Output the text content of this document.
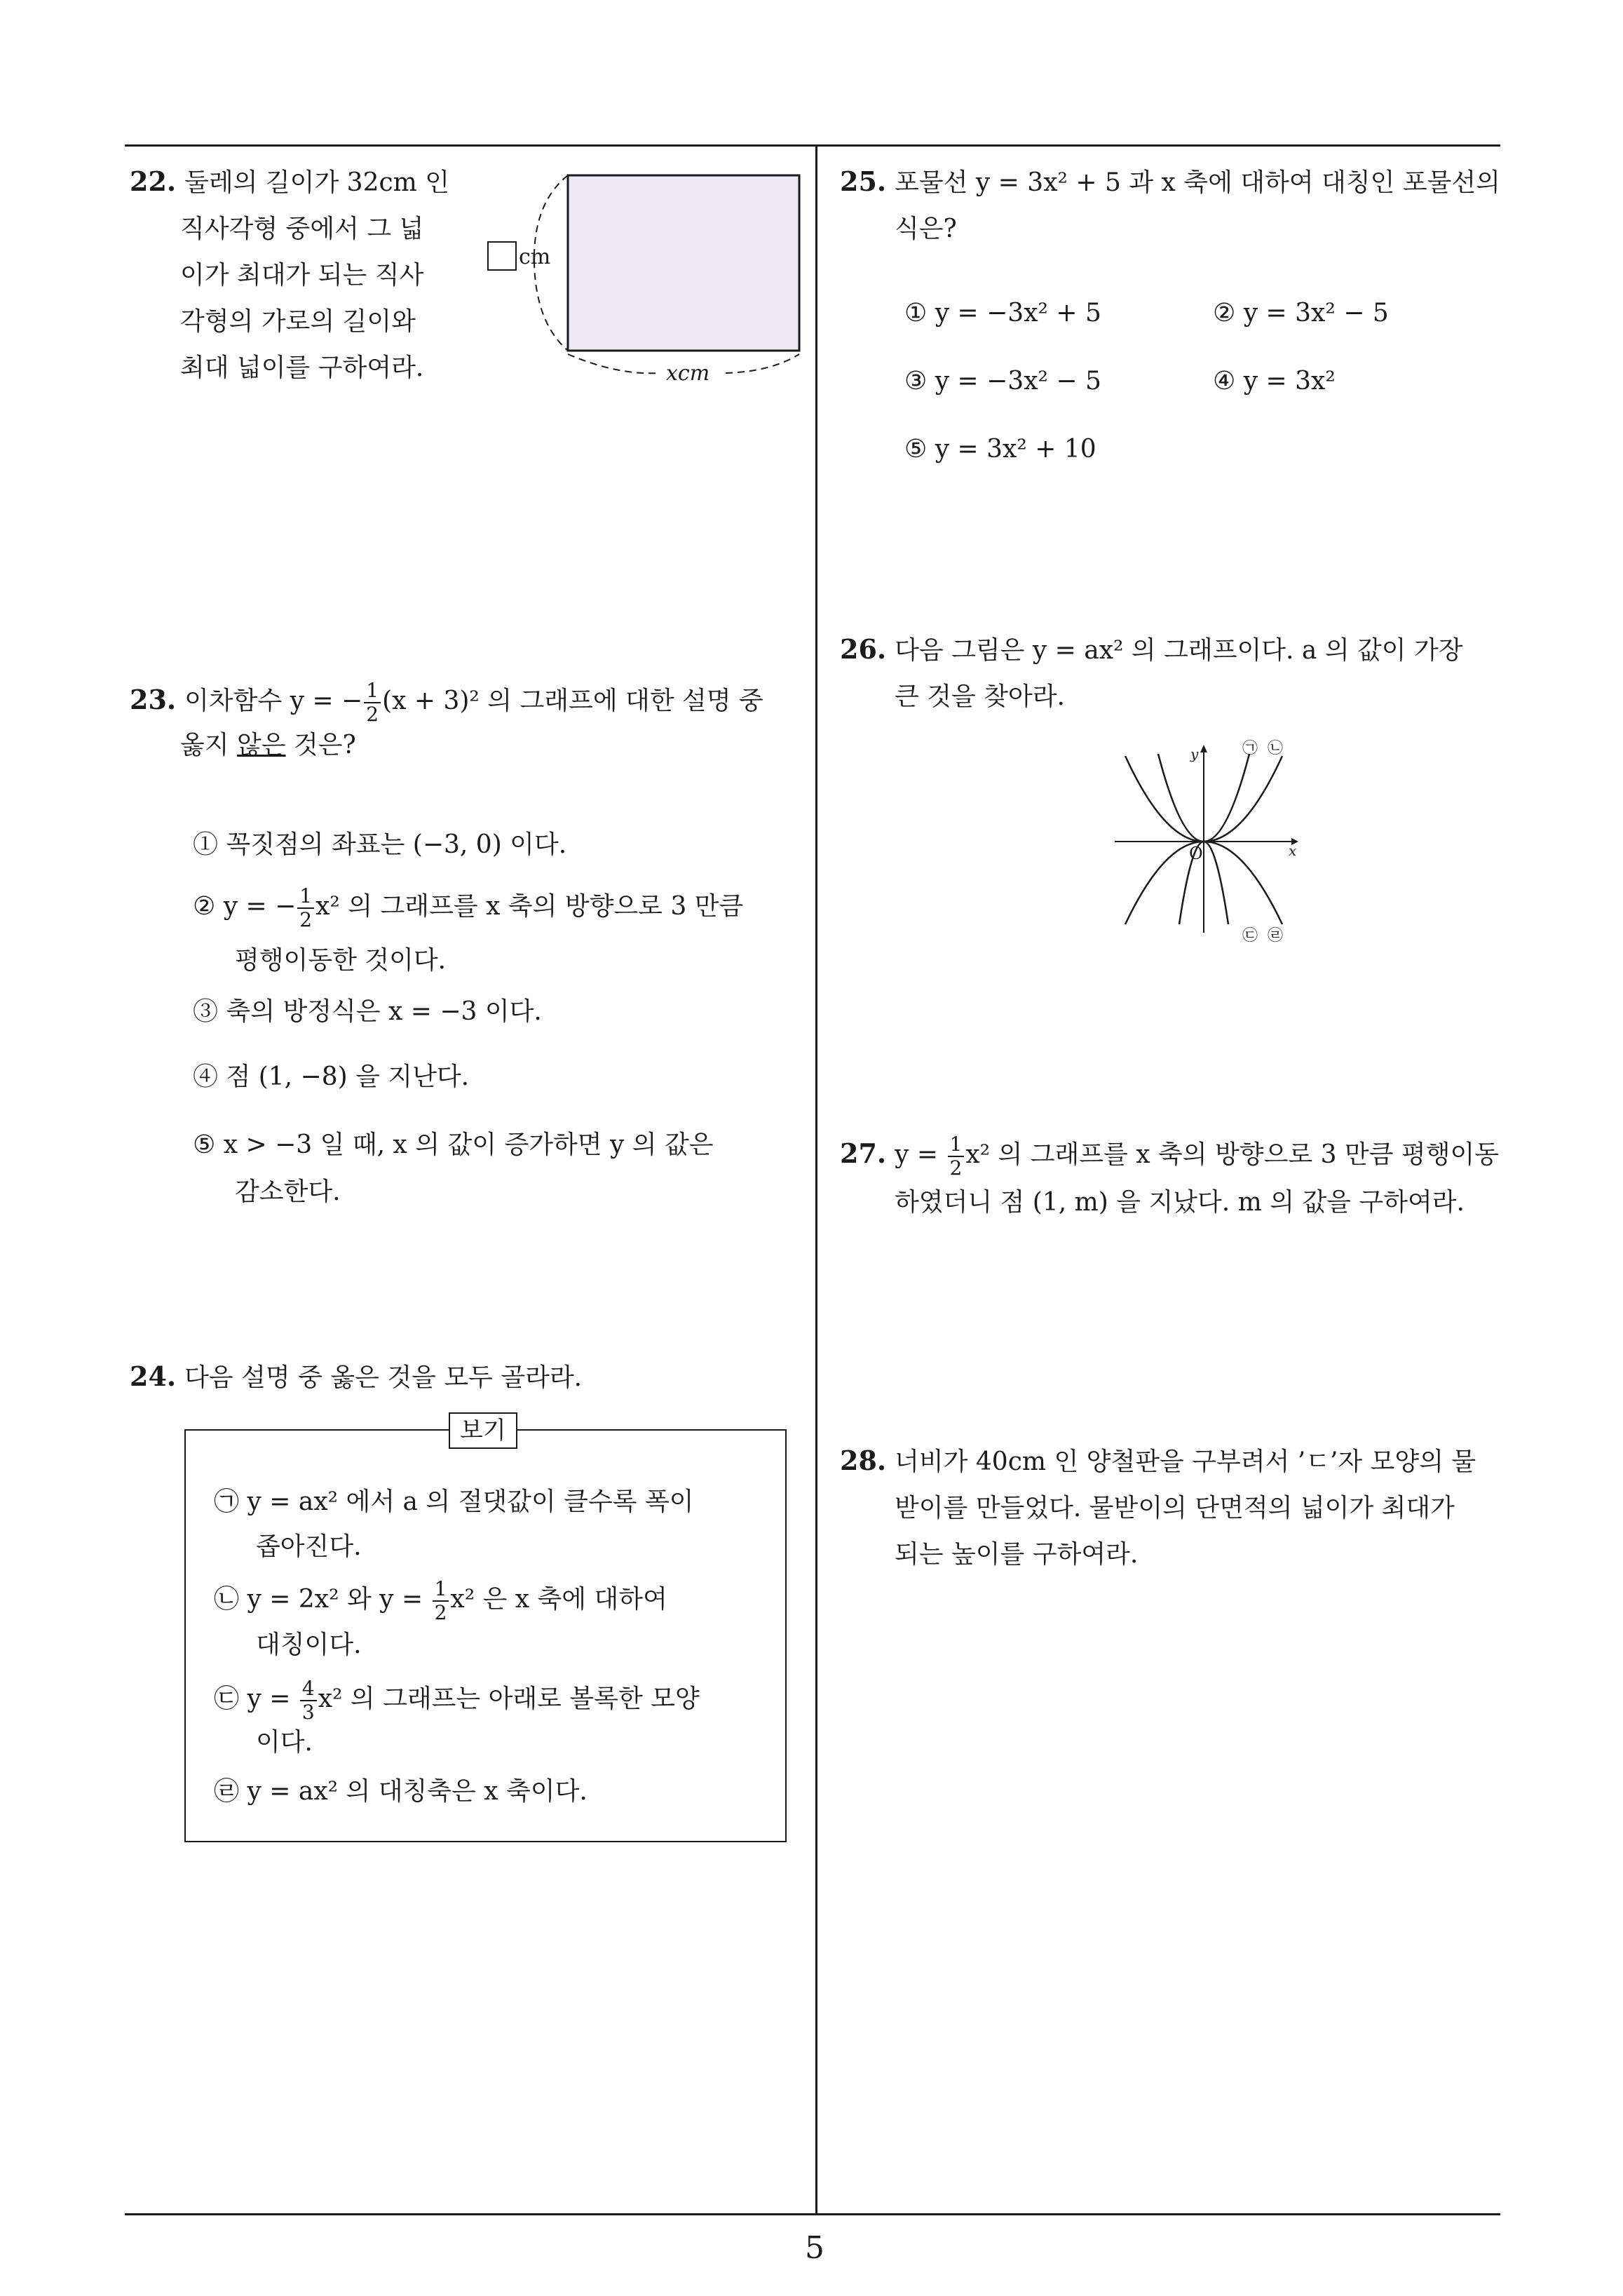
22. 둘레의 길이가 32cm 인
직사각형 중에서 그 넓
이가 최대가 되는 직사
각형의 가로의 길이와
최대 넓이를 구하여라.
cm
xcm
23. 이차함수 y = − $\frac{1}{2} (x + 3)^2$ 의 그래프에 대한 설명 중
옳지 않은 것은?
① 꼭짓점의 좌표는 (−3, 0) 이다.
② y = − $\frac{1}{2} x^2$ 의 그래프를 x 축의 방향으로 3 만큼
평행이동한 것이다.
③ 축의 방정식은 x = −3 이다.
④ 점 (1, −8) 을 지난다.
⑤ x > −3 일 때, x 의 값이 증가하면 y 의 값은
감소한다.
24. 다음 설명 중 옳은 것을 모두 골라라.
보기
㉠ y = ax² 에서 a 의 절댓값이 클수록 폭이
좁아진다.
㉡ y = 2x² 와 $y = \frac{1}{2} x^2$ 은 x 축에 대하여
대칭이다.
㉢ $y = \frac{4}{3} x^2$ 의 그래프는 아래로 볼록한 모양
이다.
㉣ y = ax² 의 대칭축은 x 축이다.
25. 포물선 y = 3x² + 5 과 x 축에 대하여 대칭인 포물선의
식은?
① y = −3x² + 5	② y = 3x² − 5
③ y = −3x² − 5	④ y = 3x²
⑤ y = 3x² + 10
26. 다음 그림은 y = ax² 의 그래프이다. a 의 값이 가장
큰 것을 찾아라.
y
x
O
㉠ ㉡
㉢ ㉣
27. $y = \frac{1}{2} x^2$ 의 그래프를 x 축의 방향으로 3 만큼 평행이동
하였더니 점 (1, m) 을 지났다. m 의 값을 구하여라.
28. 너비가 40cm 인 양철판을 구부려서 ’ㄷ’자 모양의 물
받이를 만들었다. 물받이의 단면적의 넓이가 최대가
되는 높이를 구하여라.
5
